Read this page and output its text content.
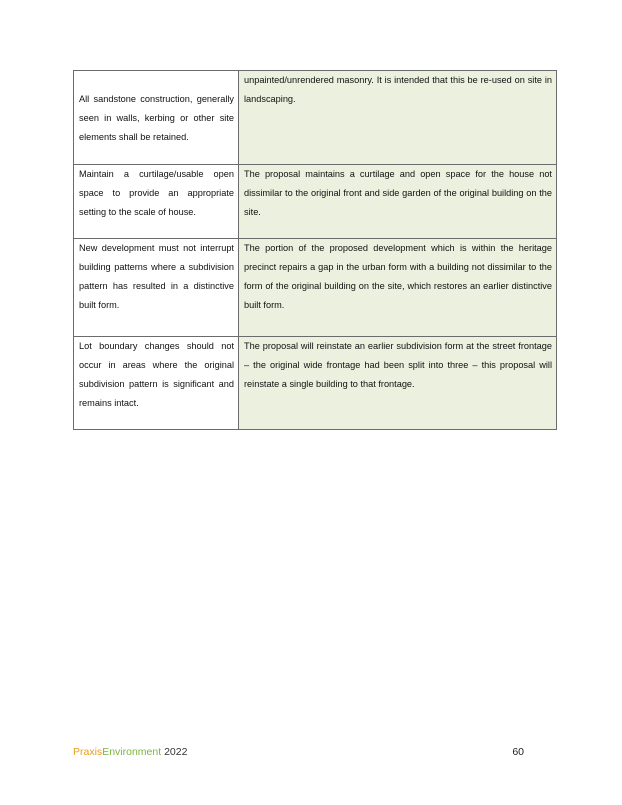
All sandstone construction, generally seen in walls, kerbing or other site elements shall be retained.	unpainted/unrendered masonry. It is intended that this be re-used on site in landscaping.
Maintain a curtilage/usable open space to provide an appropriate setting to the scale of house.	The proposal maintains a curtilage and open space for the house not dissimilar to the original front and side garden of the original building on the site.
New development must not interrupt building patterns where a subdivision pattern has resulted in a distinctive built form.	The portion of the proposed development which is within the heritage precinct repairs a gap in the urban form with a building not dissimilar to the form of the original building on the site, which restores an earlier distinctive built form.
Lot boundary changes should not occur in areas where the original subdivision pattern is significant and remains intact.	The proposal will reinstate an earlier subdivision form at the street frontage – the original wide frontage had been split into three – this proposal will reinstate a single building to that frontage.
PraxisEnvironment 2022	60
